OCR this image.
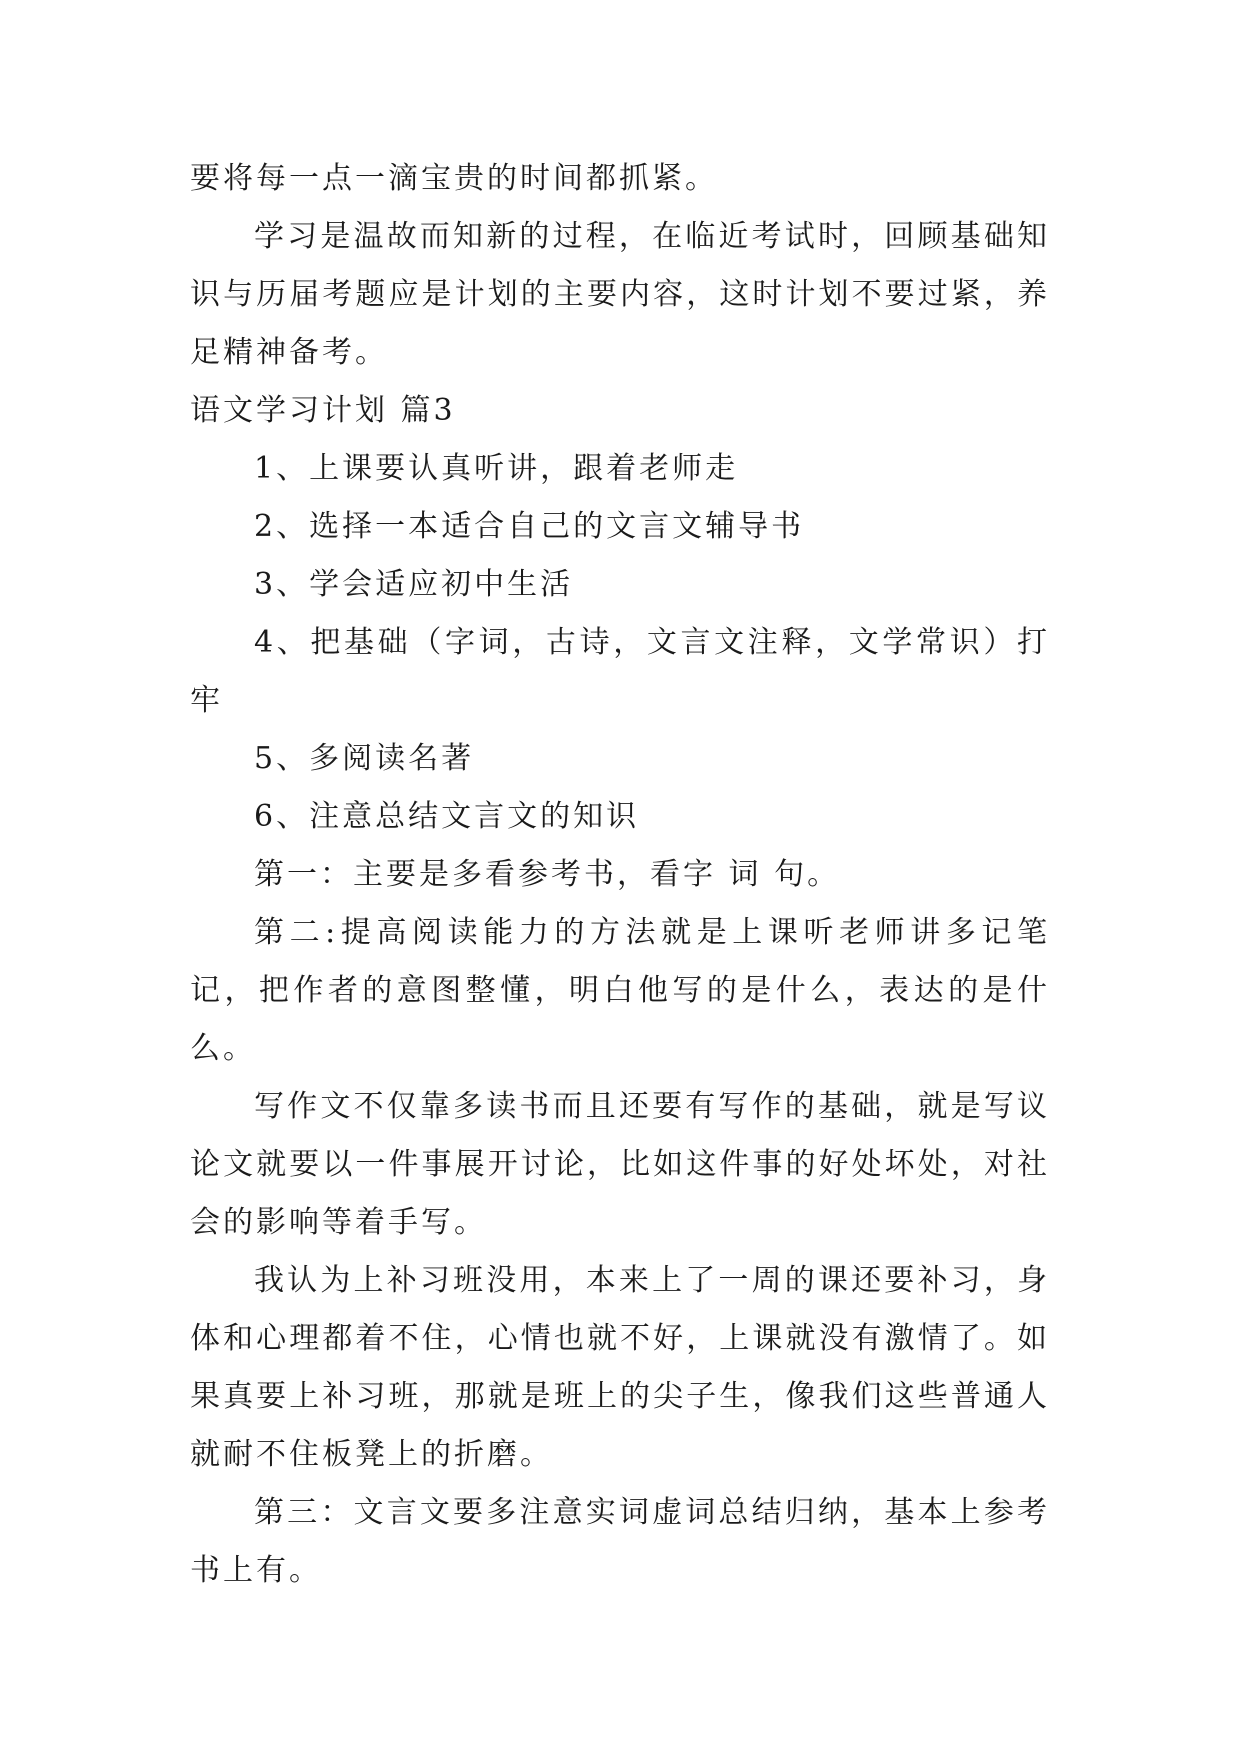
要将每一点一滴宝贵的时间都抓紧。

学习是温故而知新的过程，在临近考试时，回顾基础知识与历届考题应是计划的主要内容，这时计划不要过紧，养足精神备考。

语文学习计划 篇3

1、上课要认真听讲，跟着老师走

2、选择一本适合自己的文言文辅导书

3、学会适应初中生活

4、把基础（字词，古诗，文言文注释，文学常识）打牢

5、多阅读名著

6、注意总结文言文的知识

第一：主要是多看参考书，看字 词 句。

第二:提高阅读能力的方法就是上课听老师讲多记笔记，把作者的意图整懂，明白他写的是什么，表达的是什么。

写作文不仅靠多读书而且还要有写作的基础，就是写议论文就要以一件事展开讨论，比如这件事的好处坏处，对社会的影响等着手写。

我认为上补习班没用，本来上了一周的课还要补习，身体和心理都着不住，心情也就不好，上课就没有激情了。如果真要上补习班，那就是班上的尖子生，像我们这些普通人就耐不住板凳上的折磨。

第三：文言文要多注意实词虚词总结归纳，基本上参考书上有。
